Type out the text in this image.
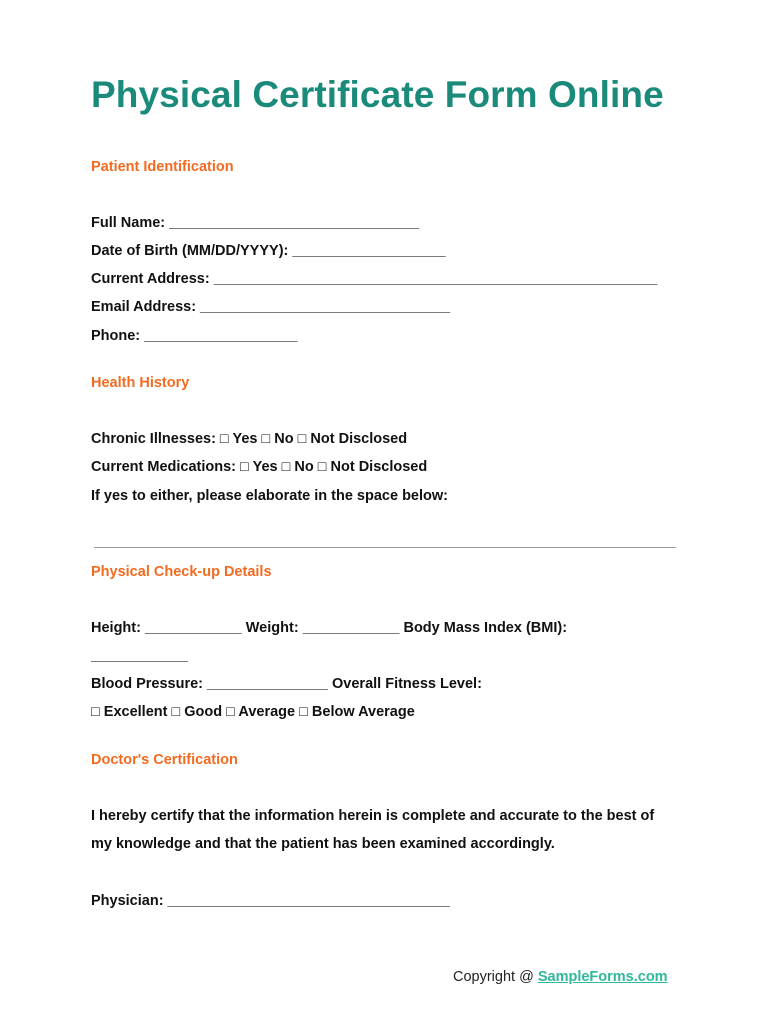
Physical Certificate Form Online
Patient Identification
Full Name: _______________________________
Date of Birth (MM/DD/YYYY): ___________________
Current Address: _______________________________________________________
Email Address: _______________________________
Phone: ___________________
Health History
Chronic Illnesses: □ Yes □ No □ Not Disclosed
Current Medications: □ Yes □ No □ Not Disclosed
If yes to either, please elaborate in the space below:
Physical Check-up Details
Height: ____________ Weight: ____________ Body Mass Index (BMI):
____________
Blood Pressure: _______________ Overall Fitness Level:
□ Excellent □ Good □ Average □ Below Average
Doctor's Certification
I hereby certify that the information herein is complete and accurate to the best of
my knowledge and that the patient has been examined accordingly.
Physician: ___________________________________
Copyright @ SampleForms.com
